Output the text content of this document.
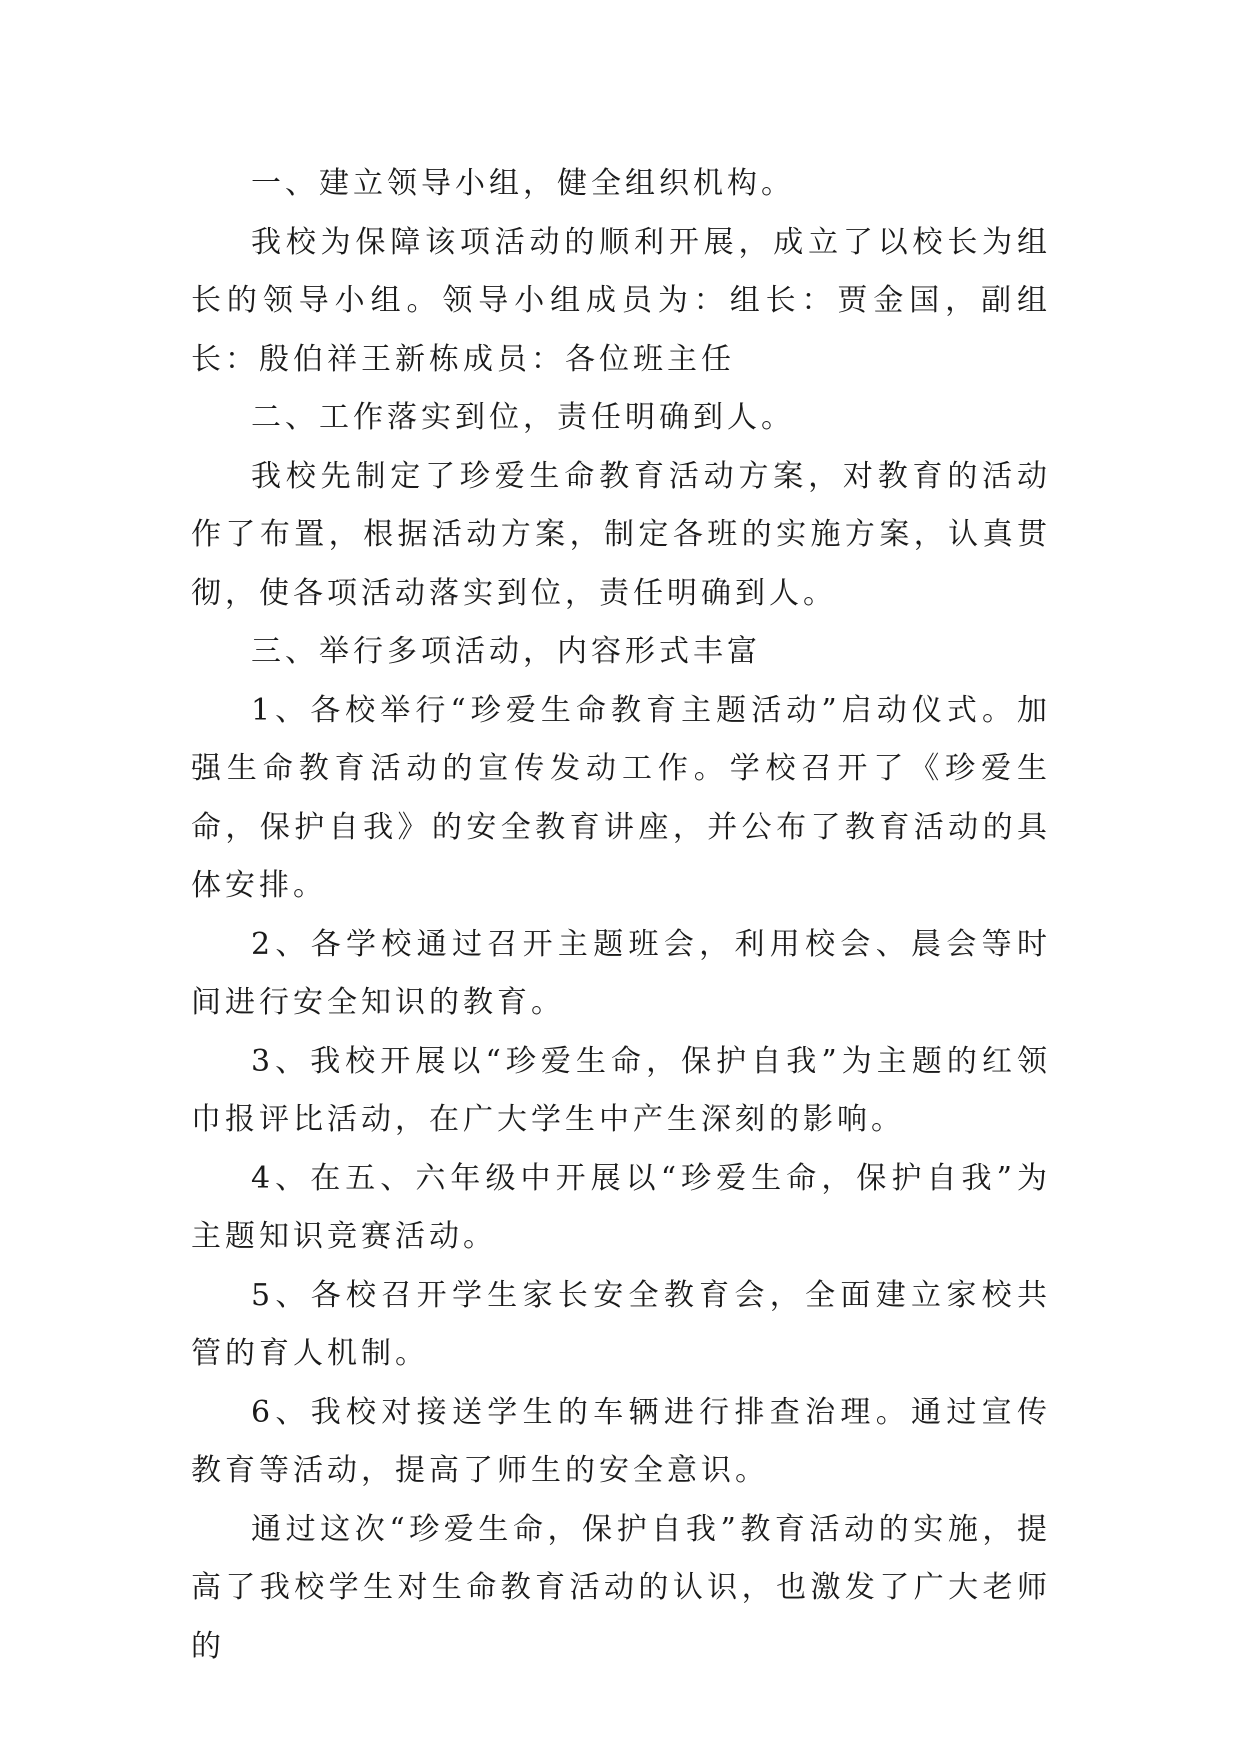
一、建立领导小组，健全组织机构。

我校为保障该项活动的顺利开展，成立了以校长为组长的领导小组。领导小组成员为：组长：贾金国，副组长：殷伯祥王新栋成员：各位班主任

二、工作落实到位，责任明确到人。

我校先制定了珍爱生命教育活动方案，对教育的活动作了布置，根据活动方案，制定各班的实施方案，认真贯彻，使各项活动落实到位，责任明确到人。

三、举行多项活动，内容形式丰富

1、各校举行“珍爱生命教育主题活动”启动仪式。加强生命教育活动的宣传发动工作。学校召开了《珍爱生命，保护自我》的安全教育讲座，并公布了教育活动的具体安排。

2、各学校通过召开主题班会，利用校会、晨会等时间进行安全知识的教育。

3、我校开展以“珍爱生命，保护自我”为主题的红领巾报评比活动，在广大学生中产生深刻的影响。

4、在五、六年级中开展以“珍爱生命，保护自我”为主题知识竞赛活动。

5、各校召开学生家长安全教育会，全面建立家校共管的育人机制。

6、我校对接送学生的车辆进行排查治理。通过宣传教育等活动，提高了师生的安全意识。

通过这次“珍爱生命，保护自我”教育活动的实施，提高了我校学生对生命教育活动的认识，也激发了广大老师的
